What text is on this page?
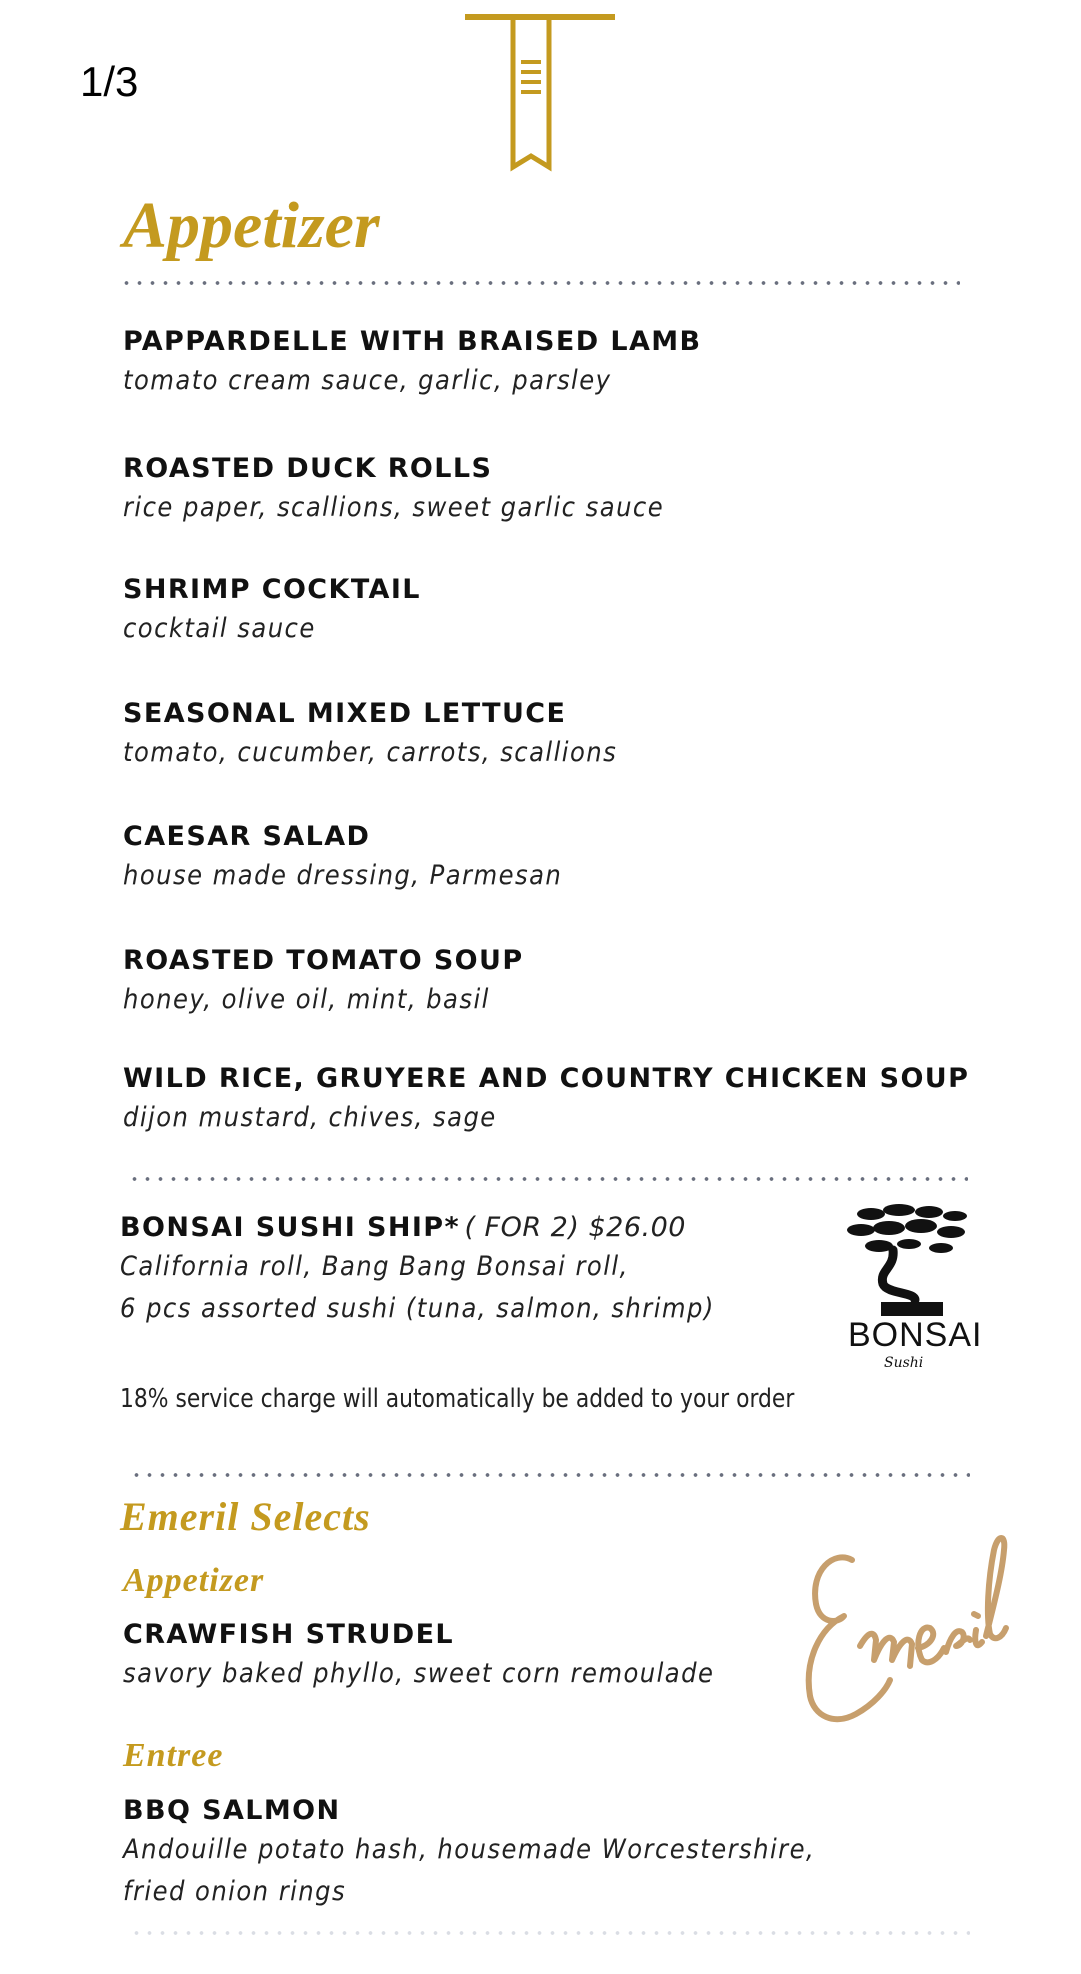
1/3
Appetizer
PAPPARDELLE WITH BRAISED LAMB
tomato cream sauce, garlic, parsley
ROASTED DUCK ROLLS
rice paper, scallions, sweet garlic sauce
SHRIMP COCKTAIL
cocktail sauce
SEASONAL MIXED LETTUCE
tomato, cucumber, carrots, scallions
CAESAR SALAD
house made dressing, Parmesan
ROASTED TOMATO SOUP
honey, olive oil, mint, basil
WILD RICE, GRUYERE AND COUNTRY CHICKEN SOUP
dijon mustard, chives, sage
BONSAI SUSHI SHIP* ( FOR 2) $26.00
California roll, Bang Bang Bonsai roll,
6 pcs assorted sushi (tuna, salmon, shrimp)
BONSAI
Sushi
18% service charge will automatically be added to your order
Emeril Selects
Appetizer
CRAWFISH STRUDEL
savory baked phyllo, sweet corn remoulade
Entree
BBQ SALMON
Andouille potato hash, housemade Worcestershire,
fried onion rings
